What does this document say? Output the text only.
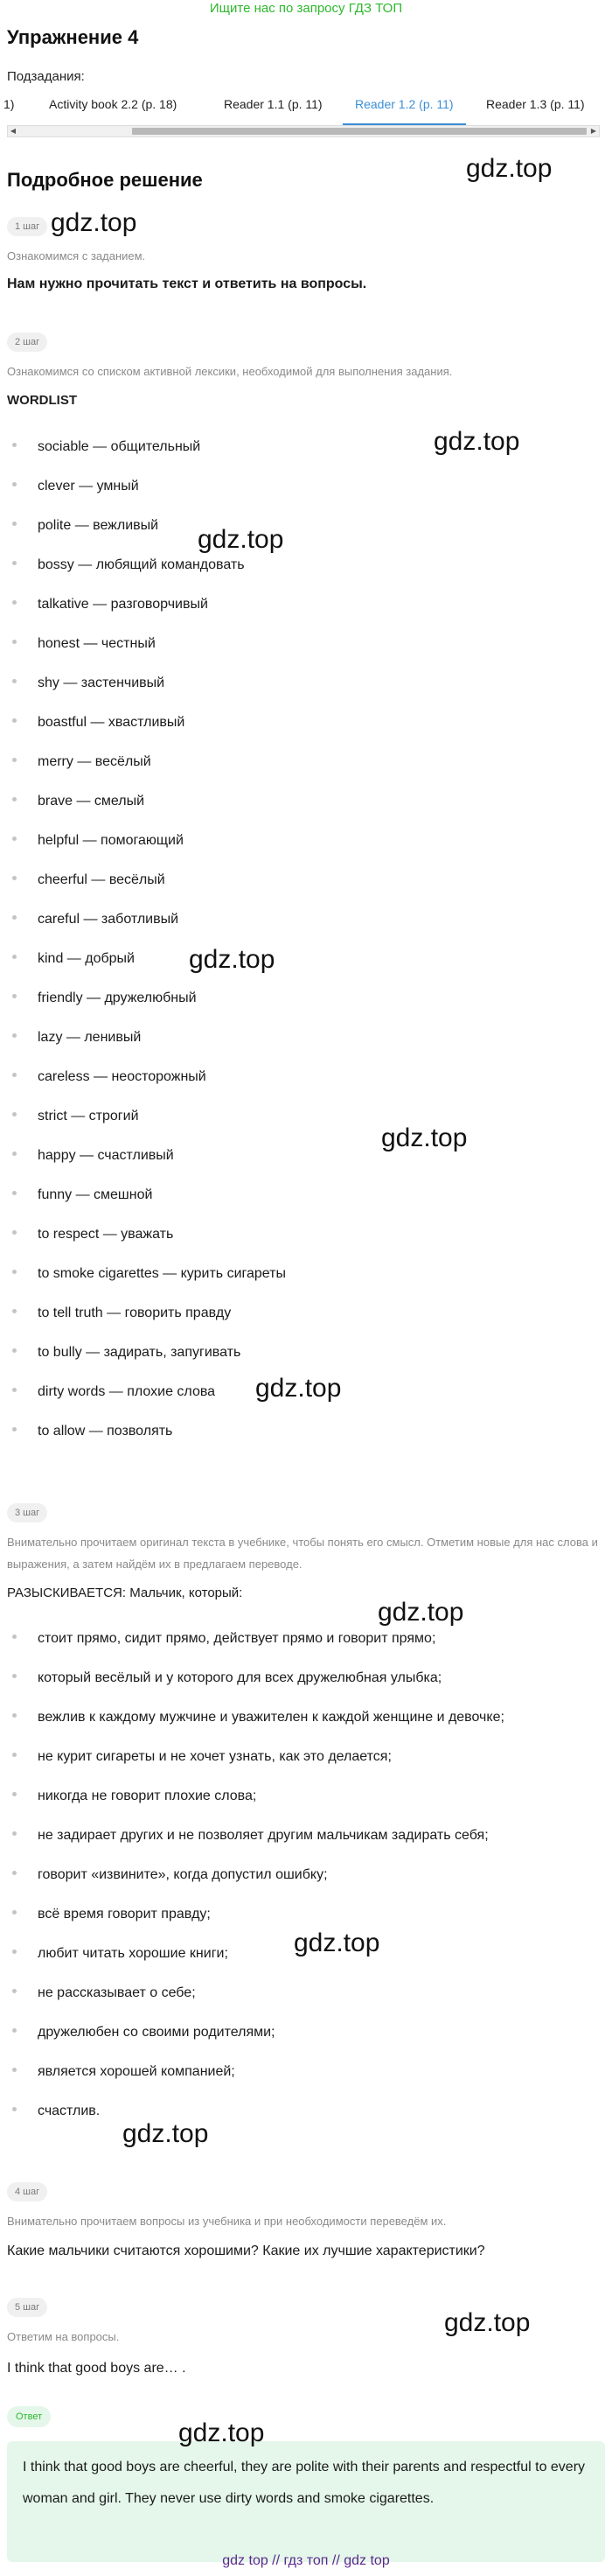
Ищите нас по запросу ГДЗ ТОП
Упражнение 4
Подзадания:
1)	Activity book 2.2 (p. 18)	Reader 1.1 (p. 11)	Reader 1.2 (p. 11)	Reader 1.3 (p. 11)
◀	▶
Подробное решение
1 шаг
Ознакомимся с заданием.
Нам нужно прочитать текст и ответить на вопросы.
2 шаг
Ознакомимся со списком активной лексики, необходимой для выполнения задания.
WORDLIST
sociable — общительный
clever — умный
polite — вежливый
bossy — любящий командовать
talkative — разговорчивый
honest — честный
shy — застенчивый
boastful — хвастливый
merry — весёлый
brave — смелый
helpful — помогающий
cheerful — весёлый
careful — заботливый
kind — добрый
friendly — дружелюбный
lazy — ленивый
careless — неосторожный
strict — строгий
happy — счастливый
funny — смешной
to respect — уважать
to smoke cigarettes — курить сигареты
to tell truth — говорить правду
to bully — задирать, запугивать
dirty words — плохие слова
to allow — позволять
3 шаг
Внимательно прочитаем оригинал текста в учебнике, чтобы понять его смысл. Отметим новые для нас слова и выражения, а затем найдём их в предлагаем переводе.
РАЗЫСКИВАЕТСЯ: Мальчик, который:
стоит прямо, сидит прямо, действует прямо и говорит прямо;
который весёлый и у которого для всех дружелюбная улыбка;
вежлив к каждому мужчине и уважителен к каждой женщине и девочке;
не курит сигареты и не хочет узнать, как это делается;
никогда не говорит плохие слова;
не задирает других и не позволяет другим мальчикам задирать себя;
говорит «извините», когда допустил ошибку;
всё время говорит правду;
любит читать хорошие книги;
не рассказывает о себе;
дружелюбен со своими родителями;
является хорошей компанией;
счастлив.
4 шаг
Внимательно прочитаем вопросы из учебника и при необходимости переведём их.
Какие мальчики считаются хорошими? Какие их лучшие характеристики?
5 шаг
Ответим на вопросы.
I think that good boys are… .
Ответ
I think that good boys are cheerful, they are polite with their parents and respectful to every woman and girl. They never use dirty words and smoke cigarettes.
gdz.top
gdz.top
gdz.top
gdz.top
gdz.top
gdz.top
gdz.top
gdz.top
gdz.top
gdz.top
gdz.top
gdz.top
gdz top // гдз топ // gdz top
